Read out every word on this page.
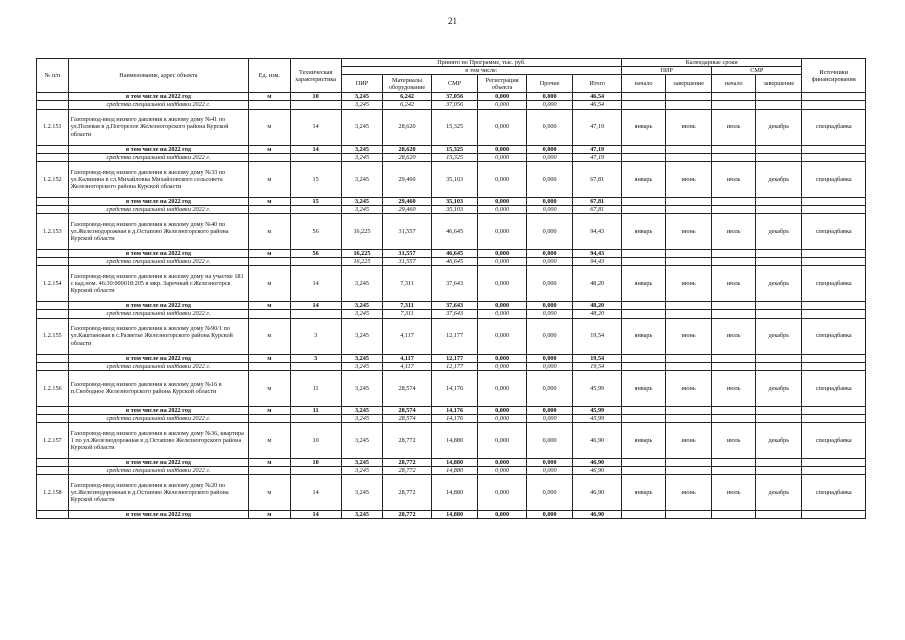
21
№ п/п	Наименование, адрес объекта	Ед. изм.	Техническая характеристика	Принято по Программе, тыс. руб.						Календарные сроки				Источники финансирования
				в том числе:						ПИР		СМР		
				ПИР	Материалы оборудование	СМР	Регистрация объекта	Прочие	Итого	начало	завершение	начало	завершение	
	в том числе на 2022 год	м	10	3,245	6,242	37,056	0,000	0,000	46,54					
	средства специальной надбавки 2022 г.			3,245	6,242	37,056	0,000	0,000	46,54					
1.2.151	Газопровод-ввод низкого давления к жилому дому №41 по ул.Полевая в д.Погорелое Железногорского района Курской области	м	14	3,245	28,620	15,325	0,000	0,000	47,19	январь	июнь	июль	декабрь	спецнадбавка
	в том числе на 2022 год	м	14	3,245	28,620	15,325	0,000	0,000	47,19					
	средства специальной надбавки 2022 г.			3,245	28,620	15,325	0,000	0,000	47,19					
1.2.152	Газопровод-ввод низкого давления к жилому дому №33 по ул.Калинина в сл.Михайловка Михайловского сельсовета Железногорского района Курской области	м	15	3,245	29,460	35,103	0,000	0,000	67,81	январь	июнь	июль	декабрь	спецнадбавка
	в том числе на 2022 год	м	15	3,245	29,460	35,103	0,000	0,000	67,81					
	средства специальной надбавки 2022 г.			3,245	29,460	35,103	0,000	0,000	67,81					
1.2.153	Газопровод-ввод низкого давления к жилому дому №40 по ул.Железнодорожная в д.Остапово Железногорского района Курской области	м	56	16,225	31,557	46,645	0,000	0,000	94,43	январь	июнь	июль	декабрь	спецнадбавка
	в том числе на 2022 год	м	56	16,225	31,557	46,645	0,000	0,000	94,43					
	средства специальной надбавки 2022 г.			16,225	31,557	46,645	0,000	0,000	94,43					
1.2.154	Газопровод-ввод низкого давления к жилому дому на участке 181 с кад.ном. 46:30:000018:205 в мкр. Заречный г.Железногорск Курской области	м	14	3,245	7,311	37,643	0,000	0,000	48,20	январь	июнь	июль	декабрь	спецнадбавка
	в том числе на 2022 год	м	14	3,245	7,311	37,643	0,000	0,000	48,20					
	средства специальной надбавки 2022 г.			3,245	7,311	37,643	0,000	0,000	48,20					
1.2.155	Газопровод-ввод низкого давления к жилому дому №90/1 по ул.Каштановая в с.Разветье Железногорского района Курской области	м	3	3,245	4,117	12,177	0,000	0,000	19,54	январь	июнь	июль	декабрь	спецнадбавка
	в том числе на 2022 год	м	3	3,245	4,117	12,177	0,000	0,000	19,54					
	средства специальной надбавки 2022 г.			3,245	4,117	12,177	0,000	0,000	19,54					
1.2.156	Газопровод-ввод низкого давления к жилому дому №16 в п.Свободное Железногорского района Курской области	м	11	3,245	28,574	14,176	0,000	0,000	45,99	январь	июнь	июль	декабрь	спецнадбавка
	в том числе на 2022 год	м	11	3,245	28,574	14,176	0,000	0,000	45,99					
	средства специальной надбавки 2022 г.			3,245	28,574	14,176	0,000	0,000	45,99					
1.2.157	Газопровод-ввод низкого давления к жилому дому №36, квартира 1 по ул.Железнодорожная в д.Остапово Железногорского района Курской области	м	10	3,245	28,772	14,880	0,000	0,000	46,90	январь	июнь	июль	декабрь	спецнадбавка
	в том числе на 2022 год	м	10	3,245	28,772	14,880	0,000	0,000	46,90					
	средства специальной надбавки 2022 г.			3,245	28,772	14,880	0,000	0,000	46,90					
1.2.158	Газопровод-ввод низкого давления к жилому дому №20 по ул.Железнодорожная в д.Остапово Железногорского района Курской области	м	14	3,245	28,772	14,880	0,000	0,000	46,90	январь	июнь	июль	декабрь	спецнадбавка
	в том числе на 2022 год	м	14	3,245	28,772	14,880	0,000	0,000	46,90					
